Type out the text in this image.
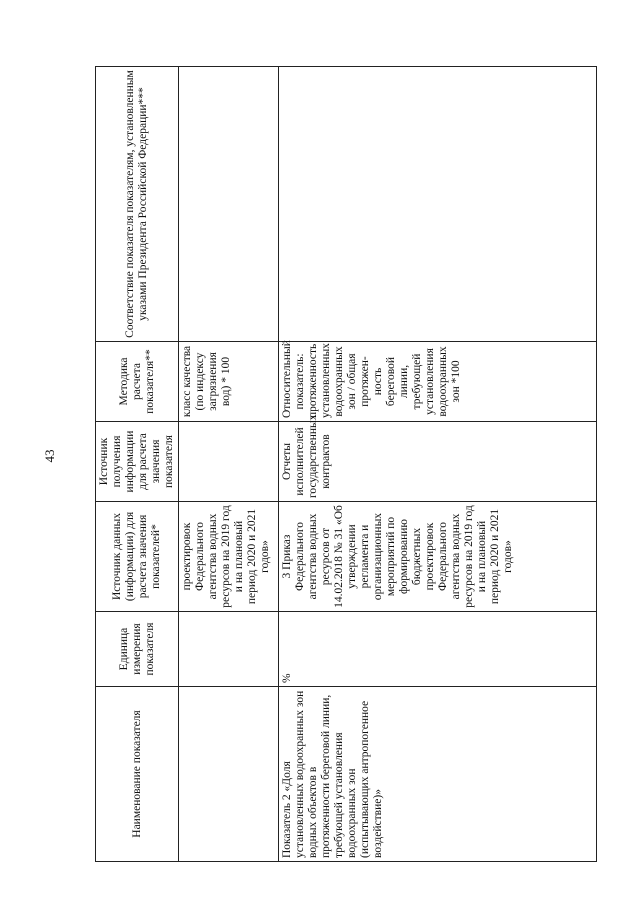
43
Наименование показателя	Единица измерения показателя	Источник данных (информации) для расчета значения показателей*	Источник получения информации для расчета значения показателя	Методика расчета показателя**	Соответствие показателя показателям, установленным указами Президента Российской Федерации***
		проектировок Федерального агентства водных ресурсов на 2019 год и на плановый период 2020 и 2021 годов»		класс качества (по индексу загрязнения вод) * 100	
Показатель 2 «Доля установленных водоохранных зон водных объектов в протяженности береговой линии, требующей установления водоохранных зон (испытывающих антропогенное воздействие)»	%	3 Приказ Федерального агентства водных ресурсов от 14.02.2018 № 31 «Об утверждении регламента и организационных мероприятий по формированию бюджетных проектировок Федерального агентства водных ресурсов на 2019 год и на плановый период 2020 и 2021 годов»	Отчеты исполнителей государственных контрактов	Относительный показатель: протяженность установленных водоохранных зон / общая протяжен-ность береговой линии, требующей установления водоохранных зон *100	
